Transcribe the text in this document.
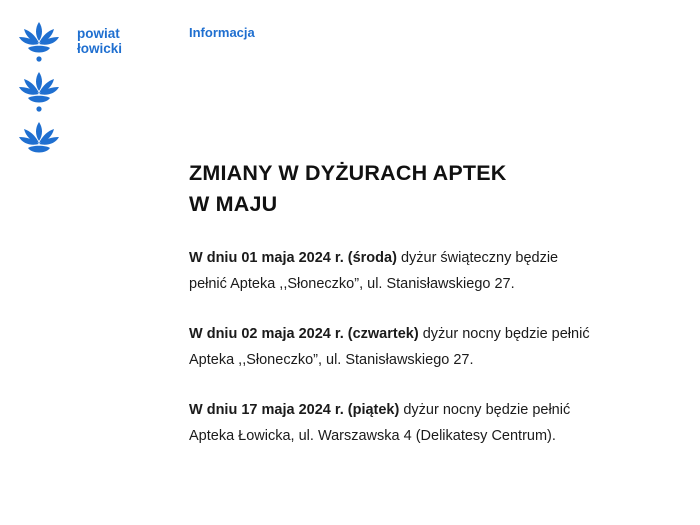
powiat
łowicki
Informacja
ZMIANY W DYŻURACH APTEK
W MAJU

W dniu 01 maja 2024 r. (środa) dyżur świąteczny będzie
pełnić Apteka ,,Słoneczko”, ul. Stanisławskiego 27.

W dniu 02 maja 2024 r. (czwartek) dyżur nocny będzie pełnić
Apteka ,,Słoneczko”, ul. Stanisławskiego 27.

W dniu 17 maja 2024 r. (piątek) dyżur nocny będzie pełnić
Apteka Łowicka, ul. Warszawska 4 (Delikatesy Centrum).
